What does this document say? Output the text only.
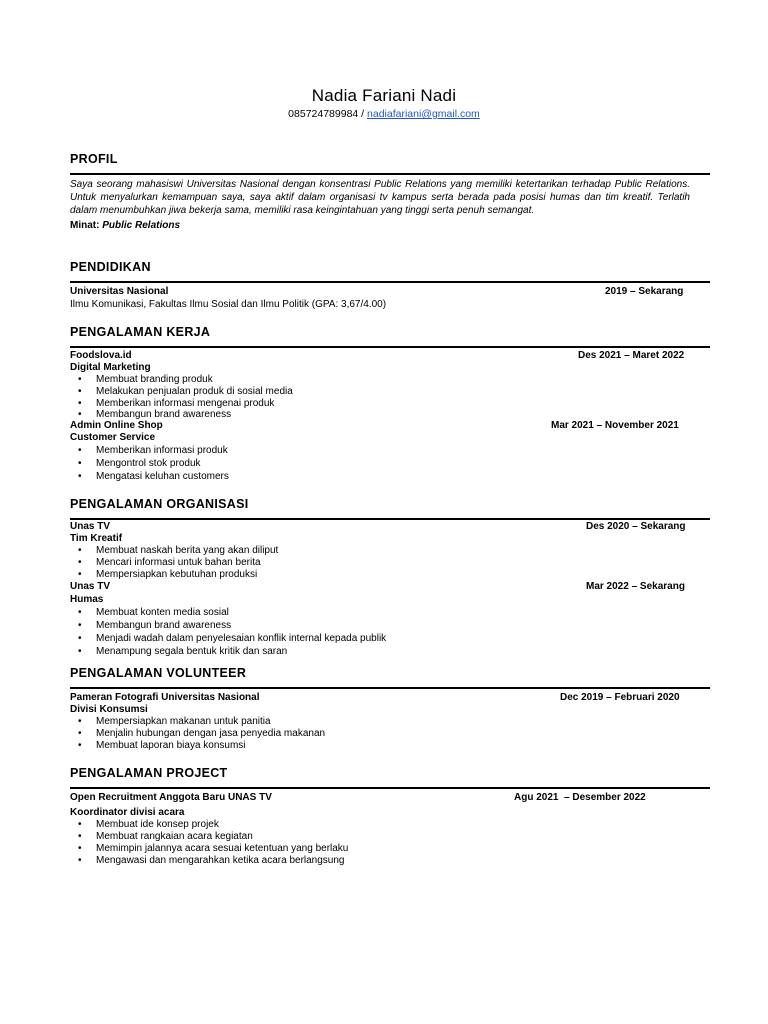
Nadia Fariani Nadi
085724789984 / nadiafariani@gmail.com
PROFIL
Saya seorang mahasiswi Universitas Nasional dengan konsentrasi Public Relations yang memiliki ketertarikan terhadap Public Relations. Untuk menyalurkan kemampuan saya, saya aktif dalam organisasi tv kampus serta berada pada posisi humas dan tim kreatif. Terlatih dalam menumbuhkan jiwa bekerja sama, memiliki rasa keingintahuan yang tinggi serta penuh semangat.
Minat: Public Relations
PENDIDIKAN
Universitas Nasional	2019 – Sekarang
Ilmu Komunikasi, Fakultas Ilmu Sosial dan Ilmu Politik (GPA: 3,67/4.00)
PENGALAMAN KERJA
Foodslova.id	Des 2021 – Maret 2022
Digital Marketing
• Membuat branding produk
• Melakukan penjualan produk di sosial media
• Memberikan informasi mengenai produk
• Membangun brand awareness
Admin Online Shop	Mar 2021 – November 2021
Customer Service
• Memberikan informasi produk
• Mengontrol stok produk
• Mengatasi keluhan customers
PENGALAMAN ORGANISASI
Unas TV	Des 2020 – Sekarang
Tim Kreatif
• Membuat naskah berita yang akan diliput
• Mencari informasi untuk bahan berita
• Mempersiapkan kebutuhan produksi
Unas TV	Mar 2022 – Sekarang
Humas
• Membuat konten media sosial
• Membangun brand awareness
• Menjadi wadah dalam penyelesaian konflik internal kepada publik
• Menampung segala bentuk kritik dan saran
PENGALAMAN VOLUNTEER
Pameran Fotografi Universitas Nasional	Dec 2019 – Februari 2020
Divisi Konsumsi
• Mempersiapkan makanan untuk panitia
• Menjalin hubungan dengan jasa penyedia makanan
• Membuat laporan biaya konsumsi
PENGALAMAN PROJECT
Open Recruitment Anggota Baru UNAS TV	Agu 2021  – Desember 2022
Koordinator divisi acara
• Membuat ide konsep projek
• Membuat rangkaian acara kegiatan
• Memimpin jalannya acara sesuai ketentuan yang berlaku
• Mengawasi dan mengarahkan ketika acara berlangsung
